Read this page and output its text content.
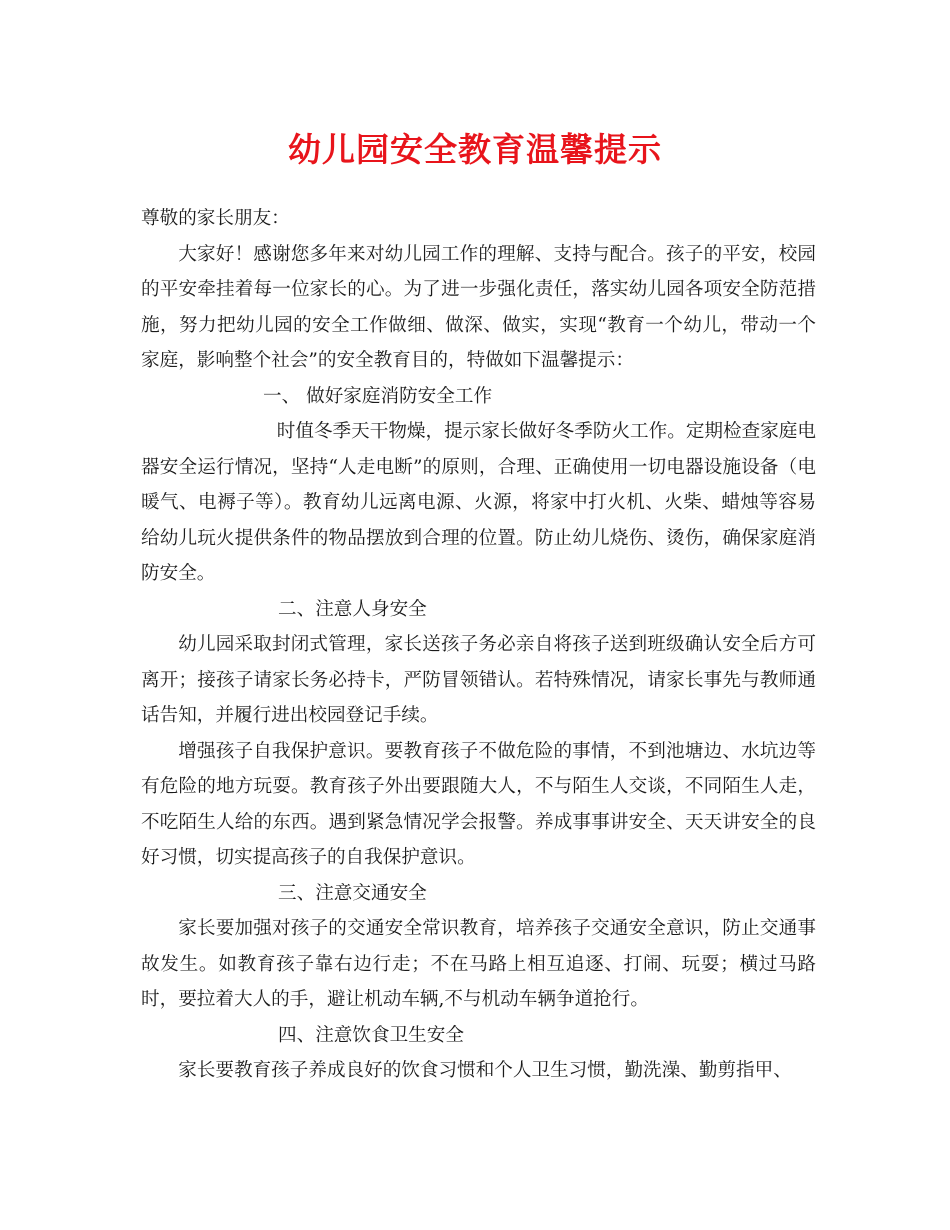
幼儿园安全教育温馨提示

尊敬的家长朋友：

大家好！感谢您多年来对幼儿园工作的理解、支持与配合。孩子的平安，校园的平安牵挂着每一位家长的心。为了进一步强化责任，落实幼儿园各项安全防范措施，努力把幼儿园的安全工作做细、做深、做实，实现“教育一个幼儿，带动一个家庭，影响整个社会”的安全教育目的，特做如下温馨提示：

一、 做好家庭消防安全工作

时值冬季天干物燥，提示家长做好冬季防火工作。定期检查家庭电器安全运行情况，坚持“人走电断”的原则，合理、正确使用一切电器设施设备（电暖气、电褥子等）。教育幼儿远离电源、火源，将家中打火机、火柴、蜡烛等容易给幼儿玩火提供条件的物品摆放到合理的位置。防止幼儿烧伤、烫伤，确保家庭消防安全。

二、注意人身安全

幼儿园采取封闭式管理，家长送孩子务必亲自将孩子送到班级确认安全后方可离开；接孩子请家长务必持卡，严防冒领错认。若特殊情况，请家长事先与教师通话告知，并履行进出校园登记手续。

增强孩子自我保护意识。要教育孩子不做危险的事情，不到池塘边、水坑边等有危险的地方玩耍。教育孩子外出要跟随大人，不与陌生人交谈，不同陌生人走，不吃陌生人给的东西。遇到紧急情况学会报警。养成事事讲安全、天天讲安全的良好习惯，切实提高孩子的自我保护意识。

三、注意交通安全

家长要加强对孩子的交通安全常识教育，培养孩子交通安全意识，防止交通事故发生。如教育孩子靠右边行走；不在马路上相互追逐、打闹、玩耍；横过马路时，要拉着大人的手，避让机动车辆,不与机动车辆争道抢行。

四、注意饮食卫生安全

家长要教育孩子养成良好的饮食习惯和个人卫生习惯，勤洗澡、勤剪指甲、
